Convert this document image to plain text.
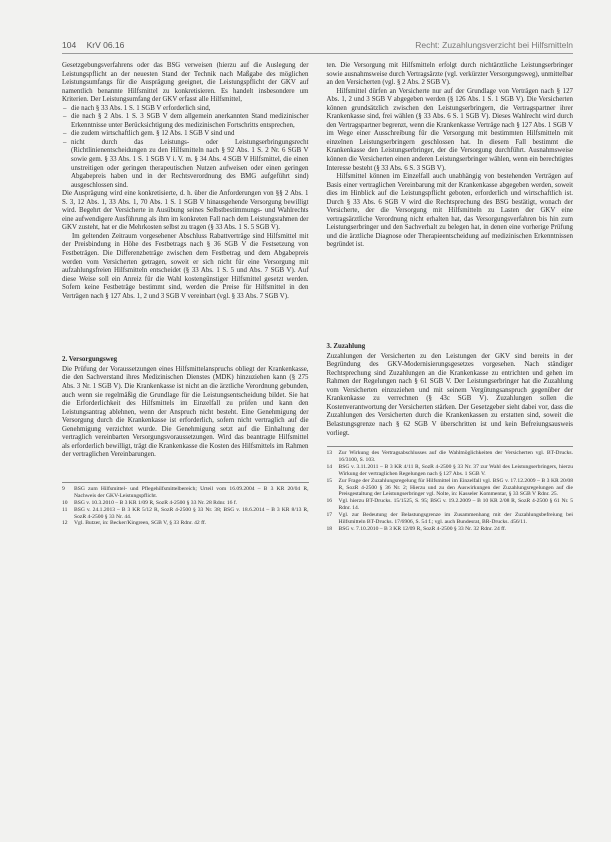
104 KrV 06.16	Recht: Zuzahlungsverzicht bei Hilfsmitteln

Gesetzgebungsverfahrens oder das BSG verweisen (hierzu auf die Auslegung der Leistungspflicht an der neuesten Stand der Technik nach Maßgabe des möglichen Leistungsumfangs für die Ausprägung geeignet, die Leistungspflicht der GKV auf namentlich benannte Hilfsmittel zu konkretisieren. Es handelt insbesondere um Kriterien. Der Leistungsumfang der GKV erfasst alle Hilfsmittel,

– die nach § 33 Abs. 1 S. 1 SGB V erforderlich sind,
– die nach § 2 Abs. 1 S. 3 SGB V dem allgemein anerkannten Stand medizinischer Erkenntnisse unter Berücksichtigung des medizinischen Fortschritts entsprechen,
– die zudem wirtschaftlich gem. § 12 Abs. 1 SGB V sind und
– nicht durch das Leistungs- oder Leistungserbringungsrecht (Richtlinienentscheidungen zu den Hilfsmitteln nach § 92 Abs. 1 S. 2 Nr. 6 SGB V sowie gem. § 33 Abs. 1 S. 1 SGB V i. V. m. § 34 Abs. 4 SGB V Hilfsmittel, die einen unstreitigen oder geringen therapeutischen Nutzen aufweisen oder einen geringen Abgabepreis haben und in der Rechtsverordnung des BMG aufgeführt sind) ausgeschlossen sind.

Die Ausprägung wird eine konkretisierte, d. h. über die Anforderungen von §§ 2 Abs. 1 S. 3, 12 Abs. 1, 33 Abs. 1, 70 Abs. 1 S. 1 SGB V hinausgehende Versorgung bewilligt wird. Begehrt der Versicherte in Ausübung seines Selbstbestimmungs- und Wahlrechts eine aufwendigere Ausführung als ihm im konkreten Fall nach dem Leistungsrahmen der GKV zusteht, hat er die Mehrkosten selbst zu tragen (§ 33 Abs. 1 S. 5 SGB V).

Im geltenden Zeitraum vorgesehener Abschluss Rabattverträge sind Hilfsmittel mit der Preisbindung in Höhe des Festbetrags nach § 36 SGB V die Festsetzung von Festbeträgen. Die Differenzbeträge zwischen dem Festbetrag und dem Abgabepreis werden vom Versicherten getragen, soweit er sich nicht für eine Versorgung mit aufzahlungsfreien Hilfsmitteln entscheidet (§ 33 Abs. 1 S. 5 und Abs. 7 SGB V). Auf diese Weise soll ein Anreiz für die Wahl kostengünstiger Hilfsmittel gesetzt werden. Sofern keine Festbeträge bestimmt sind, werden die Preise für Hilfsmittel in den Verträgen nach § 127 Abs. 1, 2 und 3 SGB V vereinbart (vgl. § 33 Abs. 7 SGB V).

2. Versorgungsweg

Die Prüfung der Voraussetzungen eines Hilfsmittelanspruchs obliegt der Krankenkasse, die den Sachverstand ihres Medizinischen Dienstes (MDK) hinzuziehen kann (§ 275 Abs. 3 Nr. 1 SGB V). Die Krankenkasse ist nicht an die ärztliche Verordnung gebunden, auch wenn sie regelmäßig die Grundlage für die Leistungsentscheidung bildet. Sie hat die Erforderlichkeit des Hilfsmittels im Einzelfall zu prüfen und kann den Leistungsantrag ablehnen, wenn der Anspruch nicht besteht. Eine Genehmigung der Versorgung durch die Krankenkasse ist erforderlich, sofern nicht vertraglich auf die Genehmigung verzichtet wurde. Die Genehmigung setzt auf die Einhaltung der vertraglich vereinbarten Versorgungsvoraussetzungen. Wird das beantragte Hilfsmittel als erforderlich bewilligt, trägt die Krankenkasse die Kosten des Hilfsmittels im Rahmen der vertraglichen Vereinbarungen.

9	BSG zum Hilfsmittel- und Pflegehilfsmittelbereich; Urteil vom 16.09.2004 – B 3 KR 20/04 R, Nachweis der GKV-Leistungspflicht.
10	BSG v. 10.3.2010 – B 3 KR 1/09 R, SozR 4-2500 § 33 Nr. 28 Rdnr. 16 f.
11	BSG v. 24.1.2013 – B 3 KR 5/12 R, SozR 4-2500 § 33 Nr. 38; BSG v. 18.6.2014 – B 3 KR 8/13 R, SozR 4-2500 § 33 Nr. 44.
12	Vgl. Butzer, in: Becker/Kingreen, SGB V, § 33 Rdnr. 42 ff.

ten. Die Versorgung mit Hilfsmitteln erfolgt durch nichtärztliche Leistungserbringer sowie ausnahmsweise durch Vertragsärzte (vgl. verkürzter Versorgungsweg), unmittelbar an den Versicherten (vgl. § 2 Abs. 2 SGB V).

Hilfsmittel dürfen an Versicherte nur auf der Grundlage von Verträgen nach § 127 Abs. 1, 2 und 3 SGB V abgegeben werden (§ 126 Abs. 1 S. 1 SGB V). Die Versicherten können grundsätzlich zwischen den Leistungserbringern, die Vertragspartner ihrer Krankenkasse sind, frei wählen (§ 33 Abs. 6 S. 1 SGB V). Dieses Wahlrecht wird durch den Vertragspartner begrenzt, wenn die Krankenkasse Verträge nach § 127 Abs. 1 SGB V im Wege einer Ausschreibung für die Versorgung mit bestimmten Hilfsmitteln mit einzelnen Leistungserbringern geschlossen hat. In diesem Fall bestimmt die Krankenkasse den Leistungserbringer, der die Versorgung durchführt. Ausnahmsweise können die Versicherten einen anderen Leistungserbringer wählen, wenn ein berechtigtes Interesse besteht (§ 33 Abs. 6 S. 3 SGB V).

Hilfsmittel können im Einzelfall auch unabhängig von bestehenden Verträgen auf Basis einer vertraglichen Vereinbarung mit der Krankenkasse abgegeben werden, soweit dies im Hinblick auf die Leistungspflicht geboten, erforderlich und wirtschaftlich ist. Durch § 33 Abs. 6 SGB V wird die Rechtsprechung des BSG bestätigt, wonach der Versicherte, der die Versorgung mit Hilfsmitteln zu Lasten der GKV eine vertragsärztliche Verordnung nicht erhalten hat, das Versorgungsverfahren bis hin zum Leistungserbringer und den Sachverhalt zu belegen hat, in denen eine vorherige Prüfung und die ärztliche Diagnose oder Therapieentscheidung auf medizinischen Erkenntnissen begründet ist.

3. Zuzahlung

Zuzahlungen der Versicherten zu den Leistungen der GKV sind bereits in der Begründung des GKV-Modernisierungsgesetzes vorgesehen. Nach ständiger Rechtsprechung sind Zuzahlungen an die Krankenkasse zu entrichten und gehen im Rahmen der Regelungen nach § 61 SGB V. Der Leistungserbringer hat die Zuzahlung vom Versicherten einzuziehen und mit seinem Vergütungsanspruch gegenüber der Krankenkasse zu verrechnen (§ 43c SGB V). Zuzahlungen sollen die Kostenverantwortung der Versicherten stärken. Der Gesetzgeber sieht dabei vor, dass die Zuzahlungen des Versicherten durch die Krankenkassen zu erstatten sind, soweit die Belastungsgrenze nach § 62 SGB V überschritten ist und kein Befreiungsausweis vorliegt.

13	Zur Wirkung des Vertragsabschlusses auf die Wahlmöglichkeiten der Versicherten vgl. BT-Drucks. 16/3100, S. 103.
14	BSG v. 3.11.2011 – B 3 KR 4/11 R, SozR 4-2500 § 33 Nr. 37 zur Wahl des Leistungserbringers, hierzu Wirkung der vertraglichen Regelungen nach § 127 Abs. 1 SGB V.
15	Zur Frage der Zuzahlungsregelung für Hilfsmittel im Einzelfall vgl. BSG v. 17.12.2009 – B 3 KR 20/08 R, SozR 4-2500 § 36 Nr. 2; Hierzu und zu den Auswirkungen der Zuzahlungsregelungen auf die Preisgestaltung der Leistungserbringer vgl. Nolte, in: Kasseler Kommentar, § 33 SGB V Rdnr. 25.
16	Vgl. hierzu BT-Drucks. 15/1525, S. 95; BSG v. 19.2.2009 – B 10 KR 2/08 R, SozR 4-2500 § 61 Nr. 5 Rdnr. 14.
17	Vgl. zur Bedeutung der Belastungsgrenze im Zusammenhang mit der Zuzahlungsbefreiung bei Hilfsmitteln BT-Drucks. 17/6906, S. 54 f.; vgl. auch Bundesrat, BR-Drucks. 456/11.
18	BSG v. 7.10.2010 – B 3 KR 12/09 R, SozR 4-2500 § 33 Nr. 32 Rdnr. 24 ff.
